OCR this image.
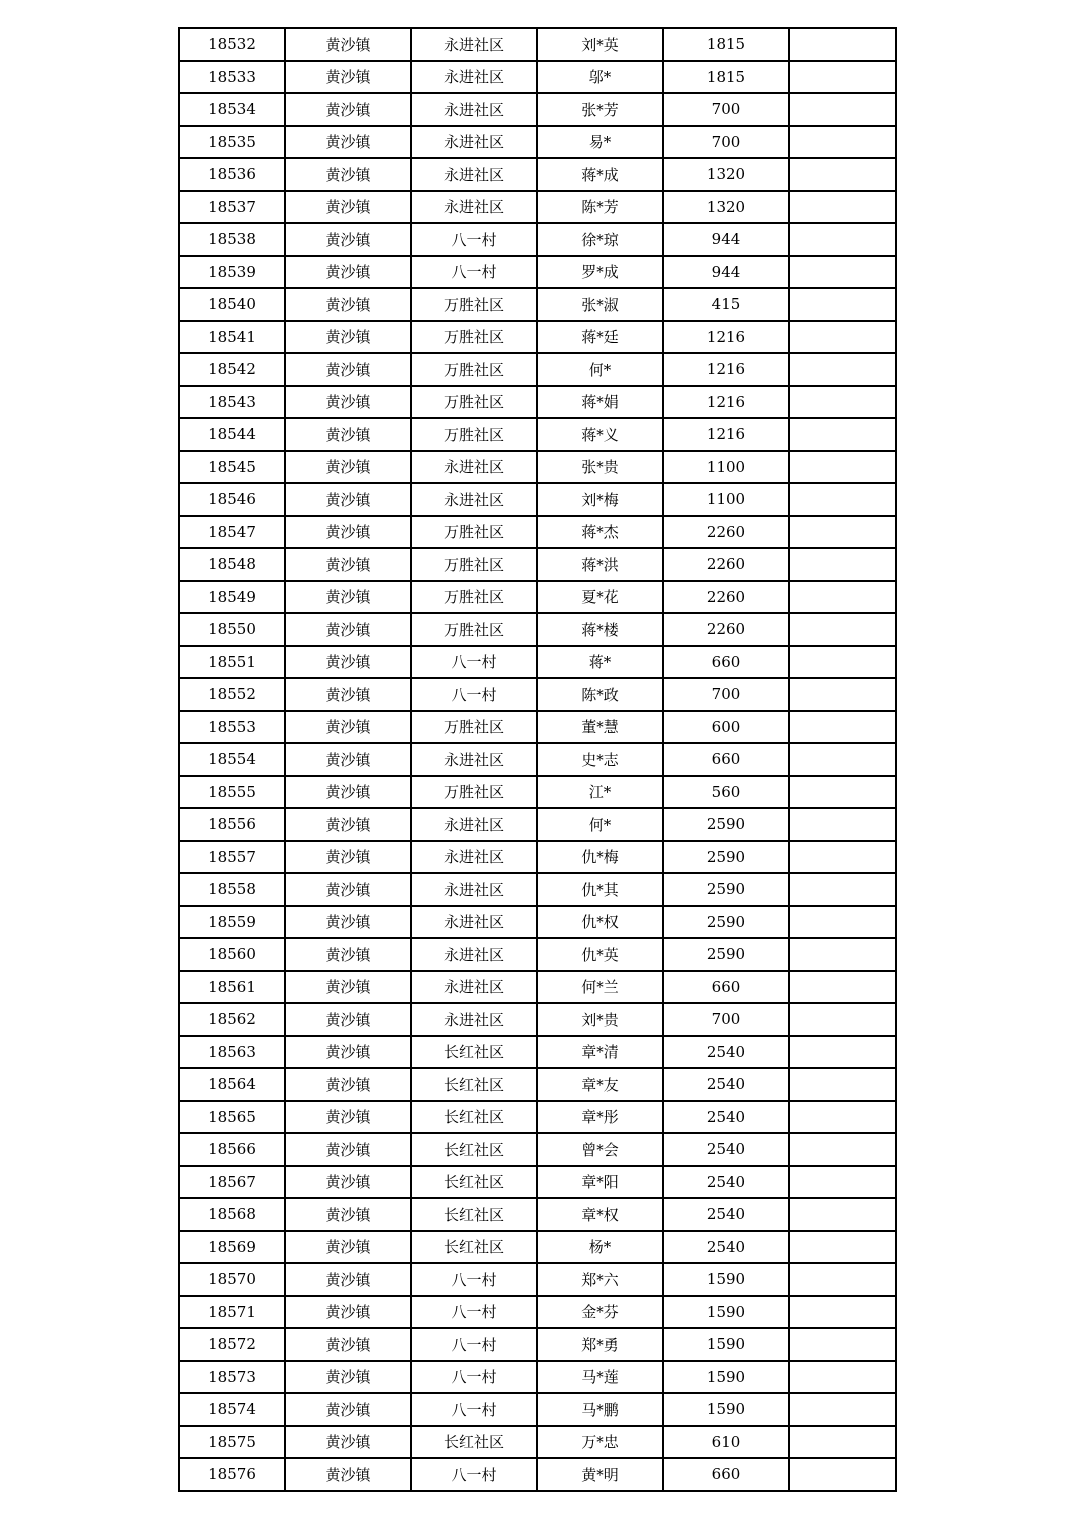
18532	黄沙镇	永进社区	刘*英	1815	
18533	黄沙镇	永进社区	邬*	1815	
18534	黄沙镇	永进社区	张*芳	700	
18535	黄沙镇	永进社区	易*	700	
18536	黄沙镇	永进社区	蒋*成	1320	
18537	黄沙镇	永进社区	陈*芳	1320	
18538	黄沙镇	八一村	徐*琼	944	
18539	黄沙镇	八一村	罗*成	944	
18540	黄沙镇	万胜社区	张*淑	415	
18541	黄沙镇	万胜社区	蒋*廷	1216	
18542	黄沙镇	万胜社区	何*	1216	
18543	黄沙镇	万胜社区	蒋*娟	1216	
18544	黄沙镇	万胜社区	蒋*义	1216	
18545	黄沙镇	永进社区	张*贵	1100	
18546	黄沙镇	永进社区	刘*梅	1100	
18547	黄沙镇	万胜社区	蒋*杰	2260	
18548	黄沙镇	万胜社区	蒋*洪	2260	
18549	黄沙镇	万胜社区	夏*花	2260	
18550	黄沙镇	万胜社区	蒋*楼	2260	
18551	黄沙镇	八一村	蒋*	660	
18552	黄沙镇	八一村	陈*政	700	
18553	黄沙镇	万胜社区	董*慧	600	
18554	黄沙镇	永进社区	史*志	660	
18555	黄沙镇	万胜社区	江*	560	
18556	黄沙镇	永进社区	何*	2590	
18557	黄沙镇	永进社区	仇*梅	2590	
18558	黄沙镇	永进社区	仇*其	2590	
18559	黄沙镇	永进社区	仇*权	2590	
18560	黄沙镇	永进社区	仇*英	2590	
18561	黄沙镇	永进社区	何*兰	660	
18562	黄沙镇	永进社区	刘*贵	700	
18563	黄沙镇	长红社区	章*清	2540	
18564	黄沙镇	长红社区	章*友	2540	
18565	黄沙镇	长红社区	章*彤	2540	
18566	黄沙镇	长红社区	曾*会	2540	
18567	黄沙镇	长红社区	章*阳	2540	
18568	黄沙镇	长红社区	章*权	2540	
18569	黄沙镇	长红社区	杨*	2540	
18570	黄沙镇	八一村	郑*六	1590	
18571	黄沙镇	八一村	金*芬	1590	
18572	黄沙镇	八一村	郑*勇	1590	
18573	黄沙镇	八一村	马*莲	1590	
18574	黄沙镇	八一村	马*鹏	1590	
18575	黄沙镇	长红社区	万*忠	610	
18576	黄沙镇	八一村	黄*明	660	
